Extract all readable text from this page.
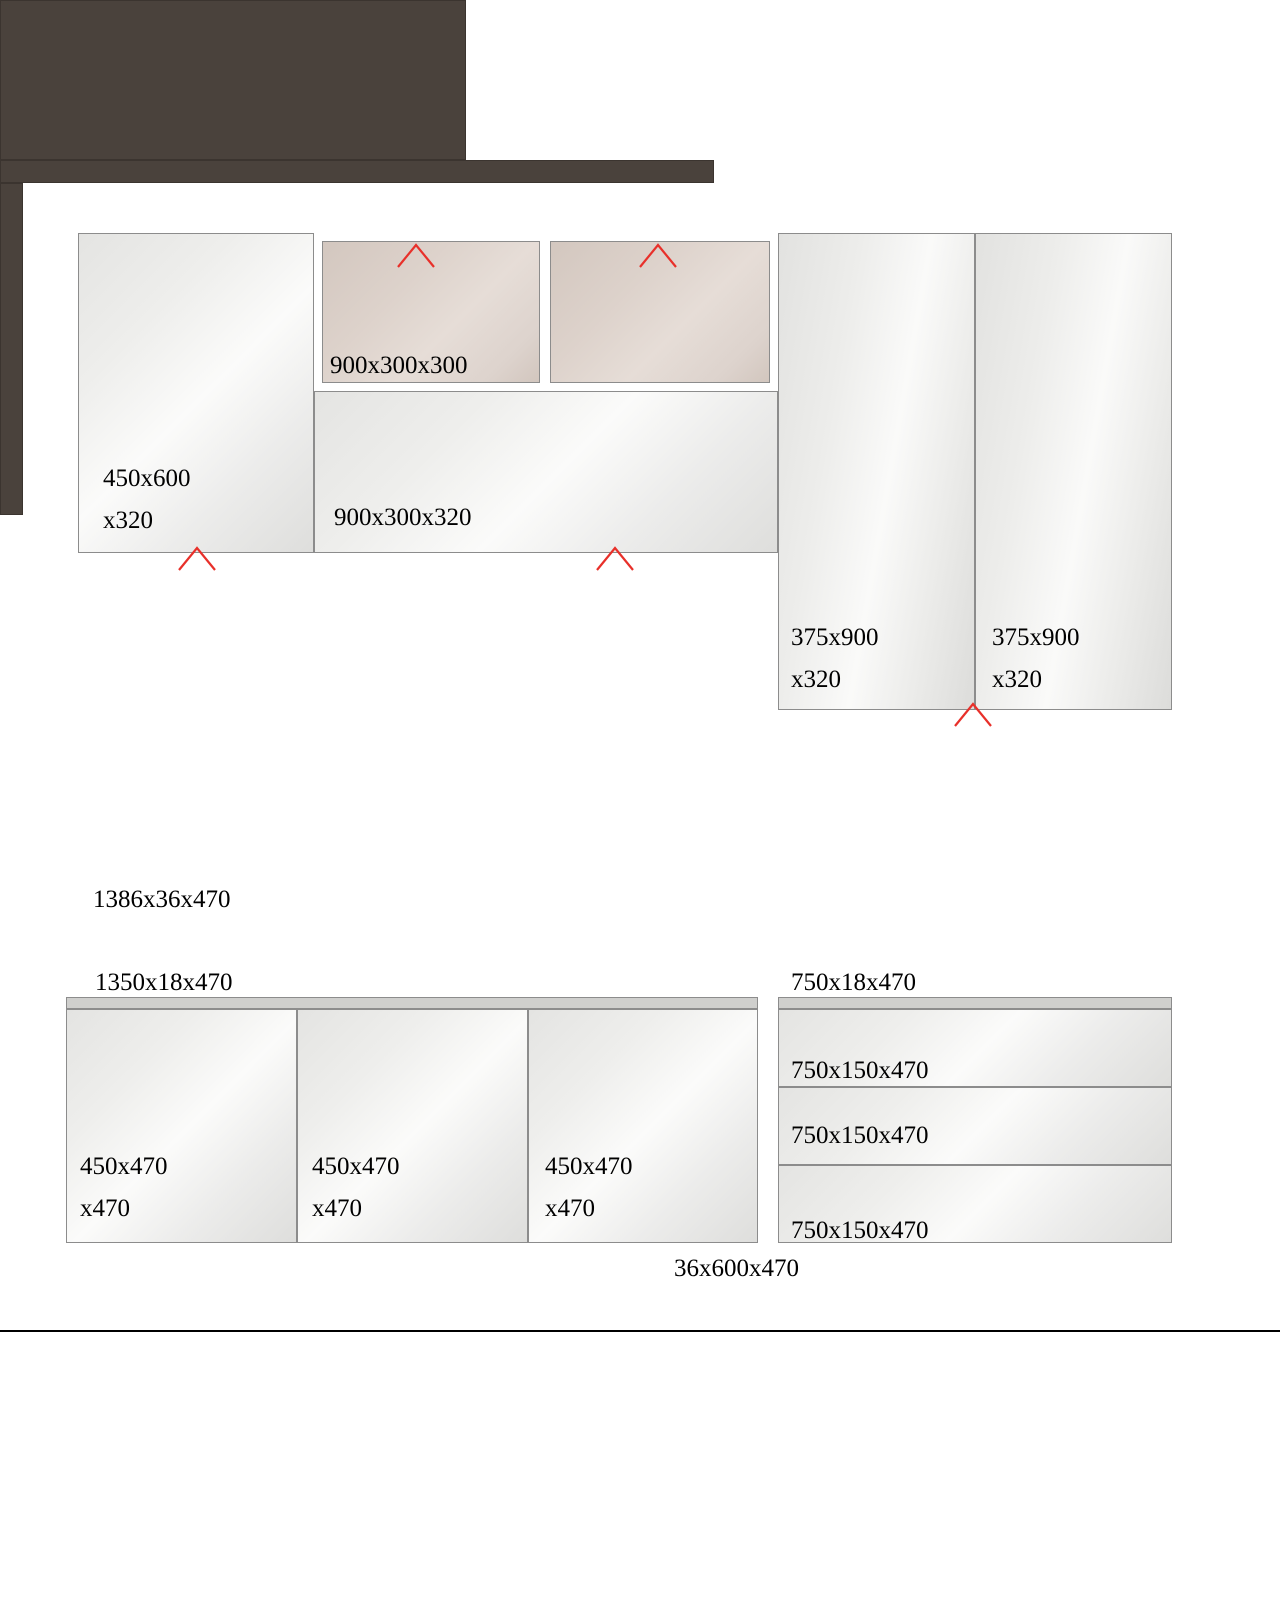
450x600
x320
900x300x300
900x300x320
375x900
x320
375x900
x320
1386x36x470
36x600x470
1350x18x470
450x470
x470
450x470
x470
450x470
x470
750x18x470
750x150x470
750x150x470
750x150x470
